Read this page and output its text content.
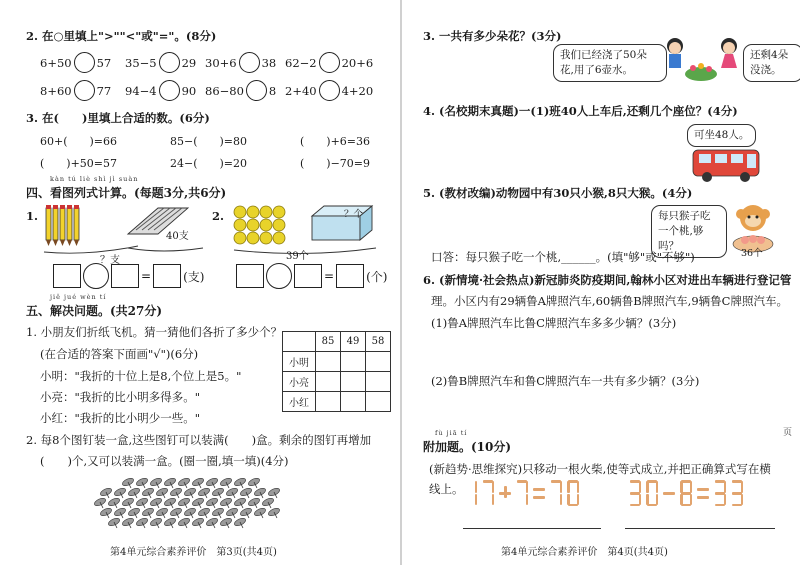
2. 在○里填上">""<"或"="。(8分)
6+50 57 35−5 29 30+6 38 62−2 20+6
8+60 77 94−4 90 86−80 8 2+40 4+20
3. 在(　　)里填上合适的数。(6分)
60+(　　)=66	85−(　　)=80	(　　)+6=36
(　　)+50=57	24−(　　)=20	(　　)−70=9
kàn tú liè shì jì suàn
四、看图列式计算。(每题3分,共6分)
1.
40支
？支
=	(支)
2.	？个
39个
=	(个)
jiě jué wèn tí
五、解决问题。(共27分)
1. 小朋友们折纸飞机。猜一猜他们各折了多少个？
(在合适的答案下面画"√")(6分)
小明："我折的十位上是8,个位上是5。"
小亮："我折的比小明多得多。"
小红："我折的比小明少一些。"
	85	49	58
小明			
小亮			
小红			
2. 每8个图钉装一盒,这些图钉可以装满(　　)盒。剩余的图钉再增加
(　　)个,又可以装满一盒。(圈一圈,填一填)(4分)
第4单元综合素养评价　第3页(共4页)
3. 一共有多少朵花？(3分)
我们已经浇了50朵花,用了6壶水。
还剩4朵没浇。
4. (名校期末真题)一(1)班40人上车后,还剩几个座位？(4分)
可坐48人。
5. (教材改编)动物园中有30只小猴,8只大猴。(4分)
每只猴子吃一个桃,够吗？
36个
口答：每只猴子吃一个桃,______。(填"够"或"不够")
6. (新情境·社会热点)新冠肺炎防疫期间,翰林小区对进出车辆进行登记管
理。小区内有29辆鲁A牌照汽车,60辆鲁B牌照汽车,9辆鲁C牌照汽车。
(1)鲁A牌照汽车比鲁C牌照汽车多多少辆？(3分)
(2)鲁B牌照汽车和鲁C牌照汽车一共有多少辆？(3分)
fù jiā tí
附加题。(10分)
(新趋势·思维探究)只移动一根火柴,使等式成立,并把正确算式写在横
线上。
第4单元综合素养评价　第4页(共4页)
页
